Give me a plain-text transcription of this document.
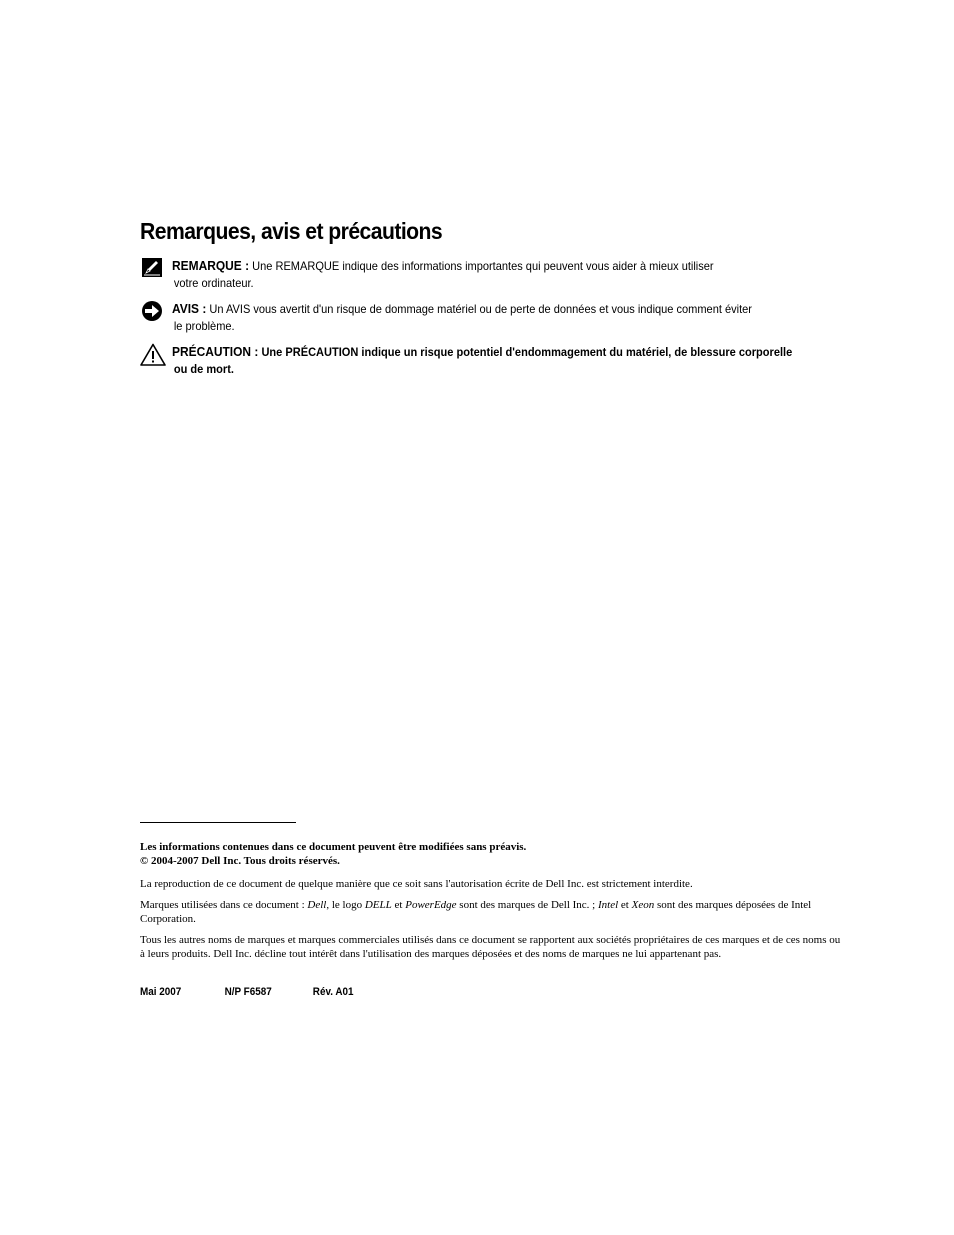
Remarques, avis et précautions
REMARQUE : Une REMARQUE indique des informations importantes qui peuvent vous aider à mieux utiliser
votre ordinateur.
AVIS : Un AVIS vous avertit d'un risque de dommage matériel ou de perte de données et vous indique comment éviter
le problème.
PRÉCAUTION : Une PRÉCAUTION indique un risque potentiel d'endommagement du matériel, de blessure corporelle
ou de mort.
Les informations contenues dans ce document peuvent être modifiées sans préavis.
© 2004-2007 Dell Inc. Tous droits réservés.
La reproduction de ce document de quelque manière que ce soit sans l'autorisation écrite de Dell Inc. est strictement interdite.
Marques utilisées dans ce document : Dell, le logo DELL et PowerEdge sont des marques de Dell Inc. ; Intel et Xeon sont des marques déposées de Intel Corporation.
Tous les autres noms de marques et marques commerciales utilisés dans ce document se rapportent aux sociétés propriétaires de ces marques et de ces noms ou à leurs produits. Dell Inc. décline tout intérêt dans l'utilisation des marques déposées et des noms de marques ne lui appartenant pas.
Mai 2007	N/P F6587	Rév. A01
